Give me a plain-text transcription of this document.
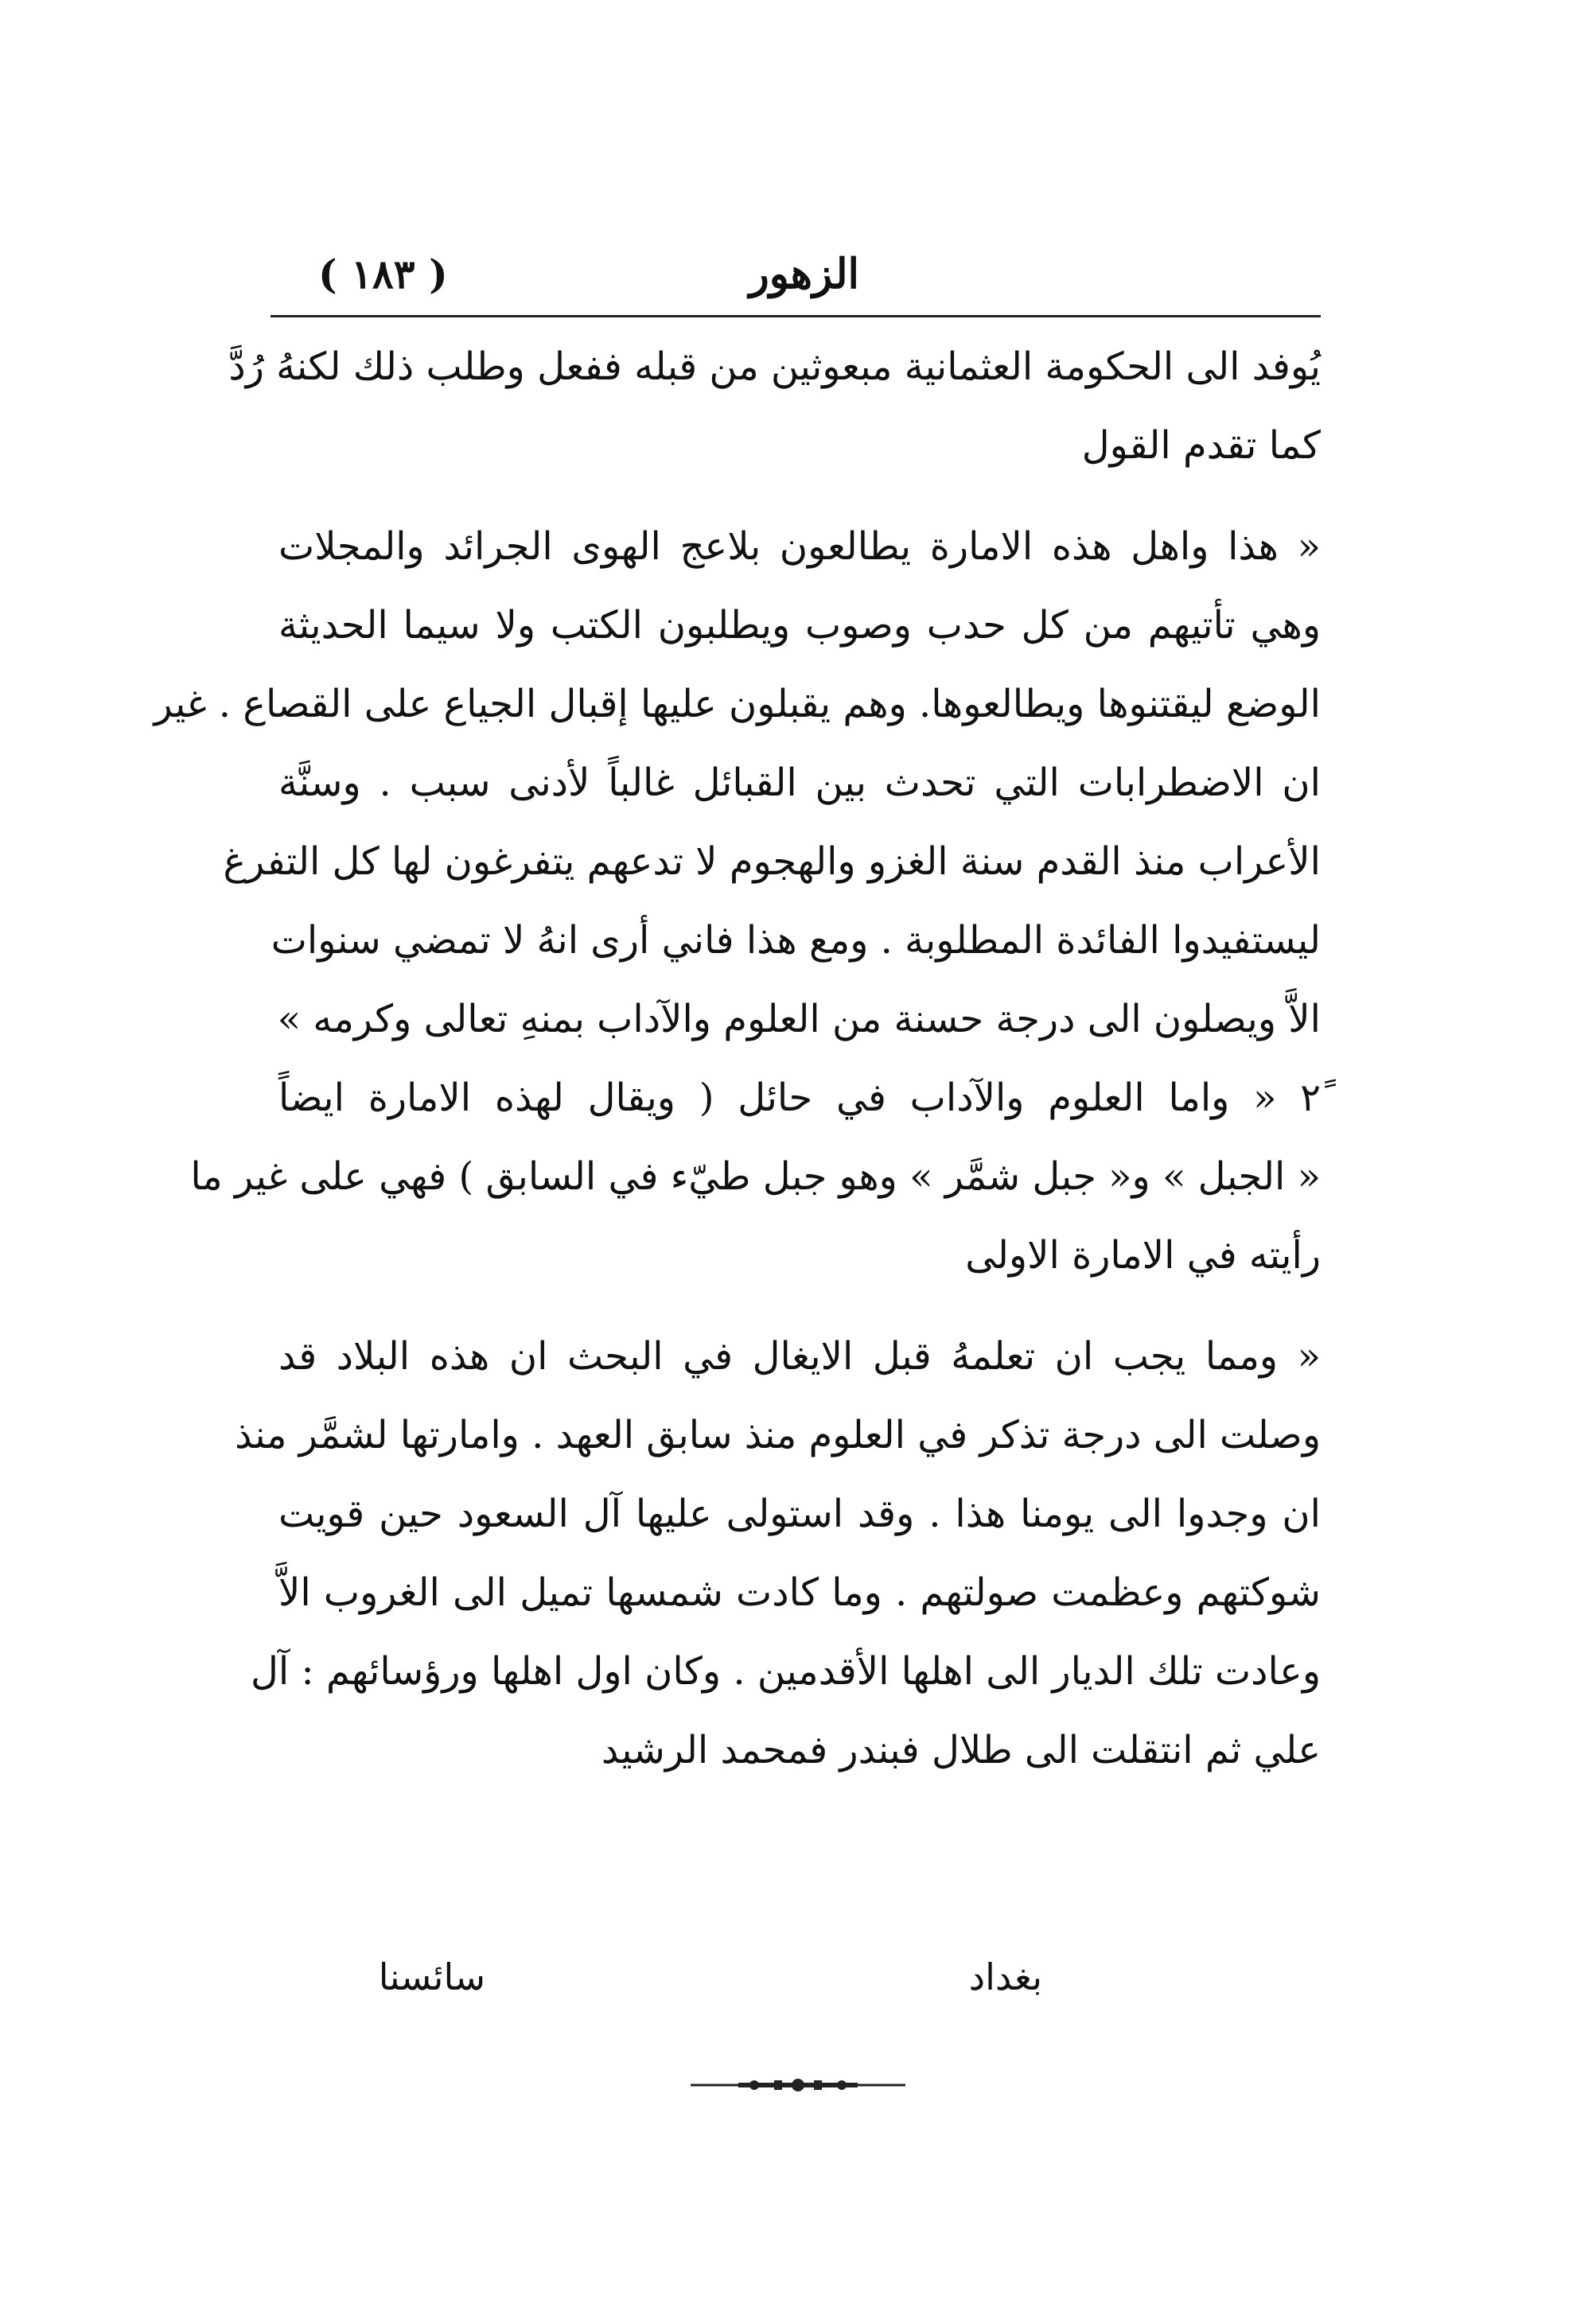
الزهور
( ١٨٣ )
يُوفد الى الحكومة العثمانية مبعوثين من قبله ففعل وطلب ذلك لكنهُ رُدَّ
كما تقدم القول
« هذا واهل هذه الامارة يطالعون بلاعج الهوى الجرائد والمجلات
وهي تأتيهم من كل حدب وصوب ويطلبون الكتب ولا سيما الحديثة
الوضع ليقتنوها ويطالعوها. وهم يقبلون عليها إقبال الجياع على القصاع . غير
ان الاضطرابات التي تحدث بين القبائل غالباً لأدنى سبب . وسنَّة
الأعراب منذ القدم سنة الغزو والهجوم لا تدعهم يتفرغون لها كل التفرغ
ليستفيدوا الفائدة المطلوبة . ومع هذا فاني أرى انهُ لا تمضي سنوات
الاَّ ويصلون الى درجة حسنة من العلوم والآداب بمنهِ تعالى وكرمه »
٢ً « واما العلوم والآداب في حائل ( ويقال لهذه الامارة ايضاً
« الجبل » و« جبل شمَّر » وهو جبل طيّء في السابق ) فهي على غير ما
رأيته في الامارة الاولى
« ومما يجب ان تعلمهُ قبل الايغال في البحث ان هذه البلاد قد
وصلت الى درجة تذكر في العلوم منذ سابق العهد . وامارتها لشمَّر منذ
ان وجدوا الى يومنا هذا . وقد استولى عليها آل السعود حين قويت
شوكتهم وعظمت صولتهم . وما كادت شمسها تميل الى الغروب الاَّ
وعادت تلك الديار الى اهلها الأقدمين . وكان اول اهلها ورؤسائهم : آل
علي ثم انتقلت الى طلال فبندر فمحمد الرشيد
بغداد
سائسنا
